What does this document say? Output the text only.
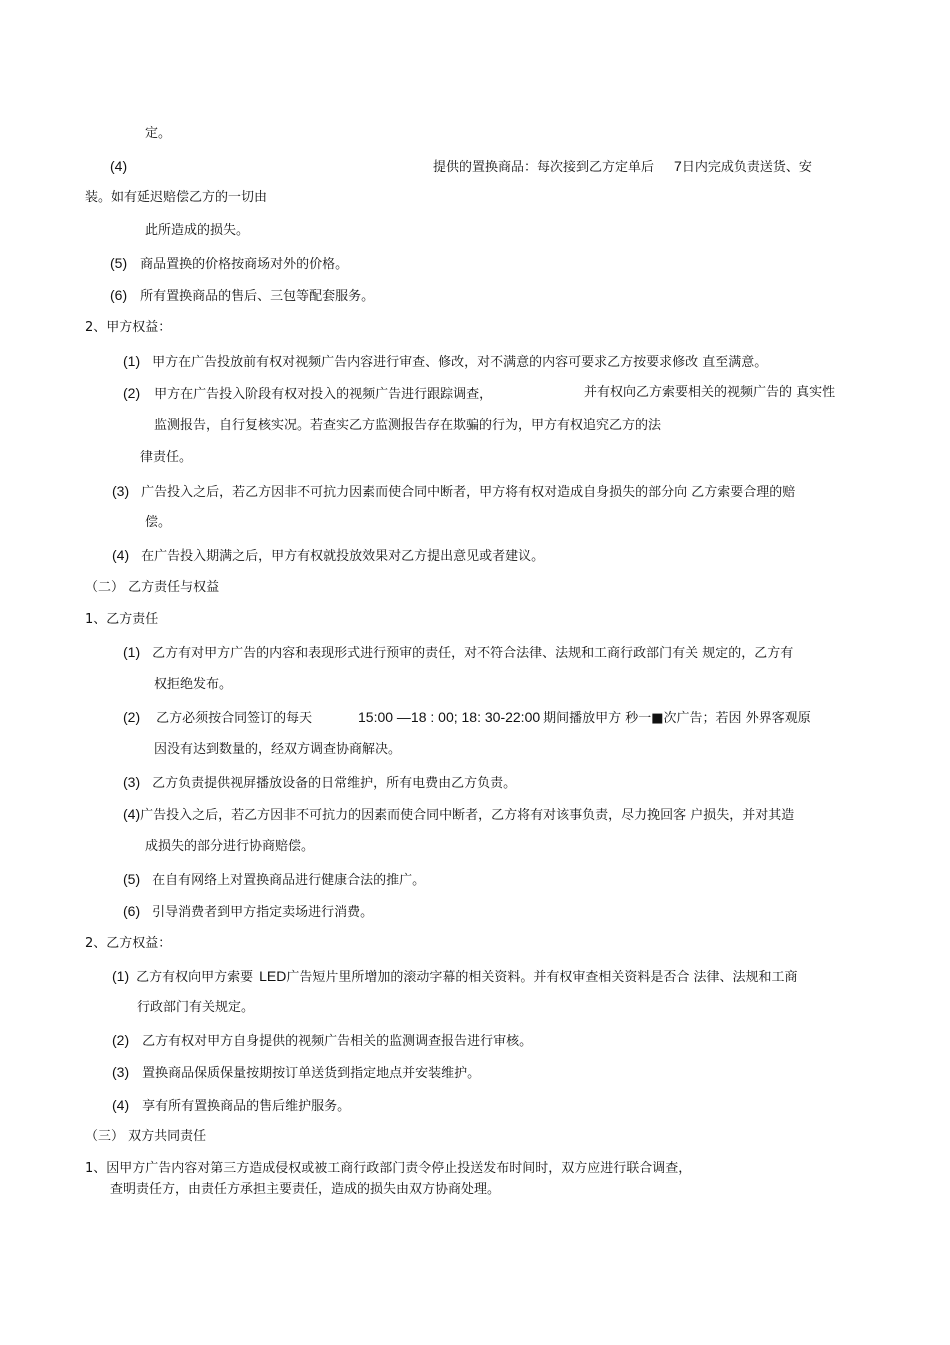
定。
(4)	提供的置换商品：每次接到乙方定单后 7日内完成负责送货、安
装。如有延迟赔偿乙方的一切由
此所造成的损失。
(5) 商品置换的价格按商场对外的价格。
(6) 所有置换商品的售后、三包等配套服务。
2、甲方权益：
(1) 甲方在广告投放前有权对视频广告内容进行审查、修改，对不满意的内容可要求乙方按要求修改 直至满意。
(2) 甲方在广告投入阶段有权对投入的视频广告进行跟踪调查，	并有权向乙方索要相关的视频广告的 真实性
监测报告，自行复核实况。若查实乙方监测报告存在欺骗的行为，甲方有权追究乙方的法
律责任。
(3) 广告投入之后，若乙方因非不可抗力因素而使合同中断者，甲方将有权对造成自身损失的部分向 乙方索要合理的赔
偿。
(4) 在广告投入期满之后，甲方有权就投放效果对乙方提出意见或者建议。
（二） 乙方责任与权益
1、乙方责任
(1) 乙方有对甲方广告的内容和表现形式进行预审的责任，对不符合法律、法规和工商行政部门有关 规定的，乙方有
权拒绝发布。
(2) 乙方必须按合同签订的每天	15:00 —18 : 00; 18: 30-22:00 期间播放甲方 秒一■次广告；若因 外界客观原
因没有达到数量的，经双方调查协商解决。
(3) 乙方负责提供视屏播放设备的日常维护，所有电费由乙方负责。
(4)广告投入之后，若乙方因非不可抗力的因素而使合同中断者，乙方将有对该事负责，尽力挽回客 户损失，并对其造
成损失的部分进行协商赔偿。
(5) 在自有网络上对置换商品进行健康合法的推广。
(6) 引导消费者到甲方指定卖场进行消费。
2、乙方权益：
(1) 乙方有权向甲方索要 LED广告短片里所增加的滚动字幕的相关资料。并有权审查相关资料是否合 法律、法规和工商
行政部门有关规定。
(2) 乙方有权对甲方自身提供的视频广告相关的监测调查报告进行审核。
(3) 置换商品保质保量按期按订单送货到指定地点并安装维护。
(4) 享有所有置换商品的售后维护服务。
（三） 双方共同责任
1、因甲方广告内容对第三方造成侵权或被工商行政部门责令停止投送发布时间时，双方应进行联合调查，
查明责任方，由责任方承担主要责任，造成的损失由双方协商处理。
